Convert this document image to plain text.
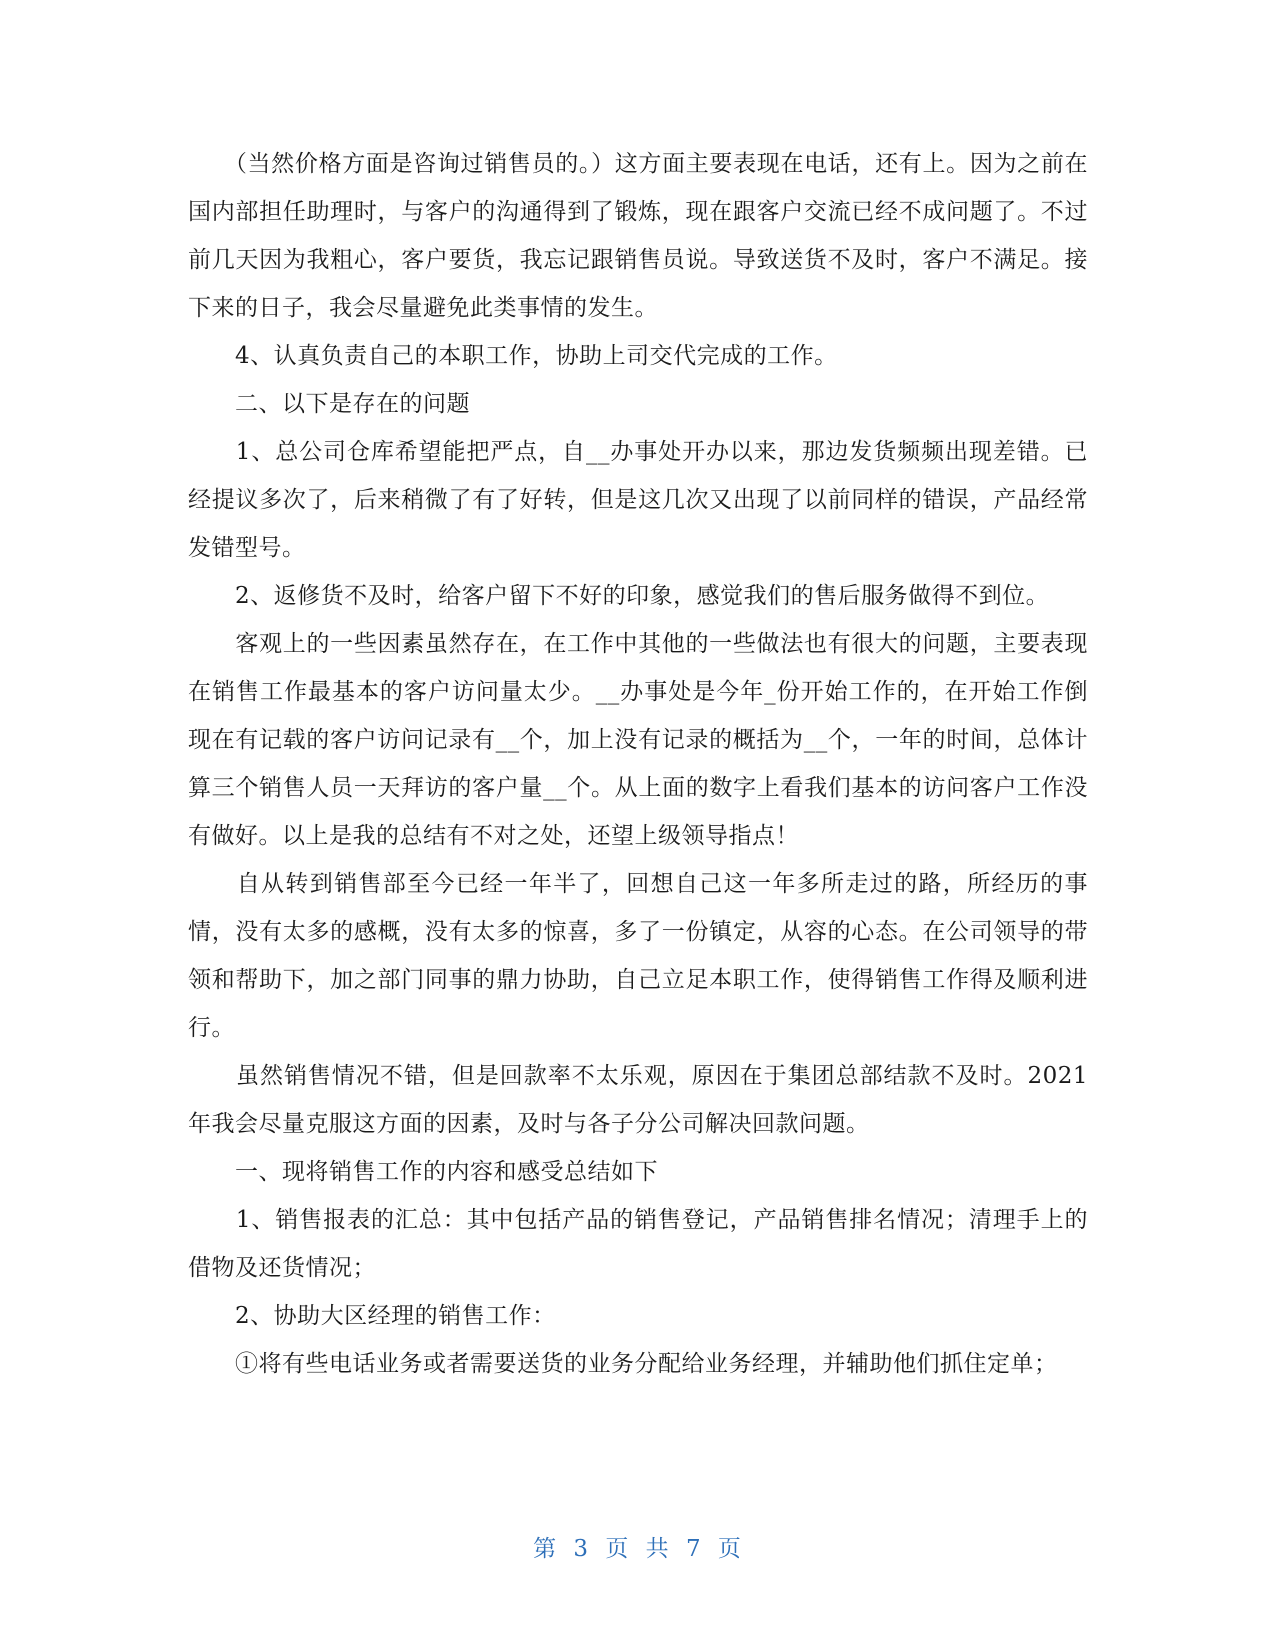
　　（当然价格方面是咨询过销售员的。）这方面主要表现在电话，还有上。因为之前在国内部担任助理时，与客户的沟通得到了锻炼，现在跟客户交流已经不成问题了。不过前几天因为我粗心，客户要货，我忘记跟销售员说。导致送货不及时，客户不满足。接下来的日子，我会尽量避免此类事情的发生。

　　4、认真负责自己的本职工作，协助上司交代完成的工作。

　　二、以下是存在的问题

　　1、总公司仓库希望能把严点，自__办事处开办以来，那边发货频频出现差错。已经提议多次了，后来稍微了有了好转，但是这几次又出现了以前同样的错误，产品经常发错型号。

　　2、返修货不及时，给客户留下不好的印象，感觉我们的售后服务做得不到位。

　　客观上的一些因素虽然存在，在工作中其他的一些做法也有很大的问题，主要表现在销售工作最基本的客户访问量太少。__办事处是今年_份开始工作的，在开始工作倒现在有记载的客户访问记录有__个，加上没有记录的概括为__个，一年的时间，总体计算三个销售人员一天拜访的客户量__个。从上面的数字上看我们基本的访问客户工作没有做好。以上是我的总结有不对之处，还望上级领导指点！

　　自从转到销售部至今已经一年半了，回想自己这一年多所走过的路，所经历的事情，没有太多的感概，没有太多的惊喜，多了一份镇定，从容的心态。在公司领导的带领和帮助下，加之部门同事的鼎力协助，自己立足本职工作，使得销售工作得及顺利进行。

　　虽然销售情况不错，但是回款率不太乐观，原因在于集团总部结款不及时。2021年我会尽量克服这方面的因素，及时与各子分公司解决回款问题。

　　一、现将销售工作的内容和感受总结如下

　　1、销售报表的汇总：其中包括产品的销售登记，产品销售排名情况；清理手上的借物及还货情况；

　　2、协助大区经理的销售工作：

　　①将有些电话业务或者需要送货的业务分配给业务经理，并辅助他们抓住定单；

第 3 页 共 7 页
